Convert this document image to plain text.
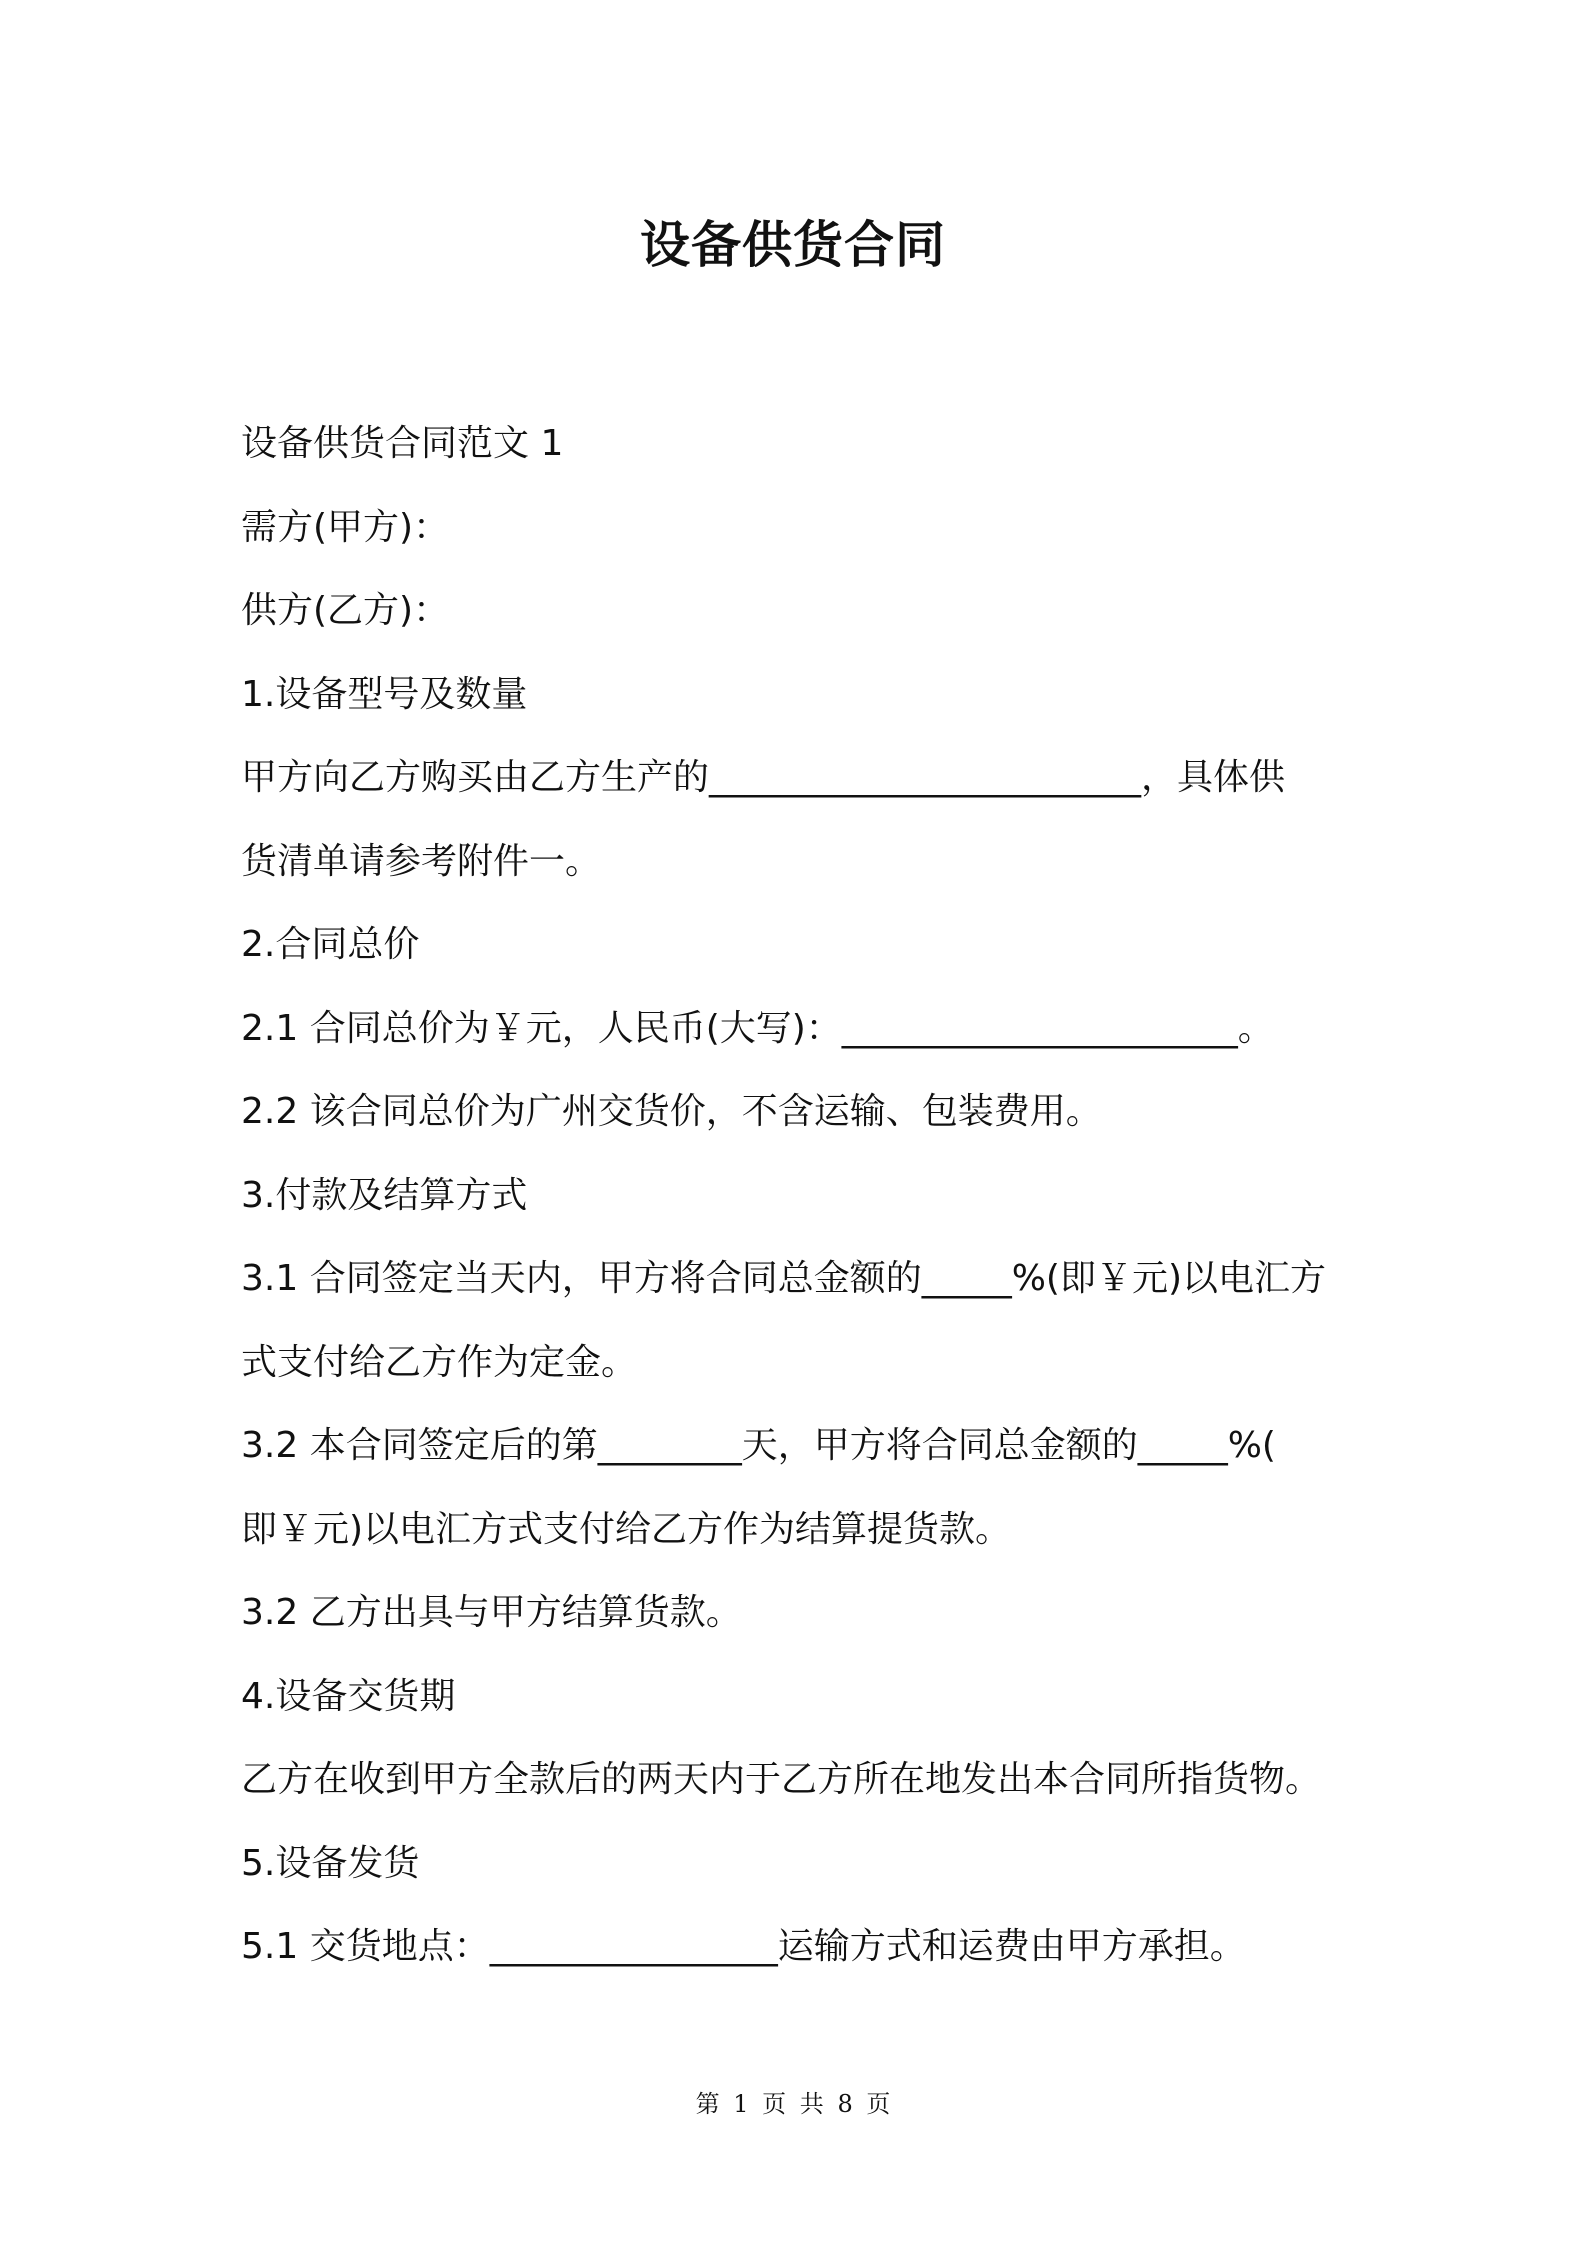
设备供货合同
设备供货合同范文 1
需方(甲方)：
供方(乙方)：
1.设备型号及数量
甲方向乙方购买由乙方生产的________________________，具体供
货清单请参考附件一。
2.合同总价
2.1 合同总价为￥元，人民币(大写)：______________________。
2.2 该合同总价为广州交货价，不含运输、包装费用。
3.付款及结算方式
3.1 合同签定当天内，甲方将合同总金额的_____%(即￥元)以电汇方
式支付给乙方作为定金。
3.2 本合同签定后的第________天，甲方将合同总金额的_____%(
即￥元)以电汇方式支付给乙方作为结算提货款。
3.2 乙方出具与甲方结算货款。
4.设备交货期
乙方在收到甲方全款后的两天内于乙方所在地发出本合同所指货物。
5.设备发货
5.1 交货地点：________________运输方式和运费由甲方承担。
第 1 页 共 8 页
